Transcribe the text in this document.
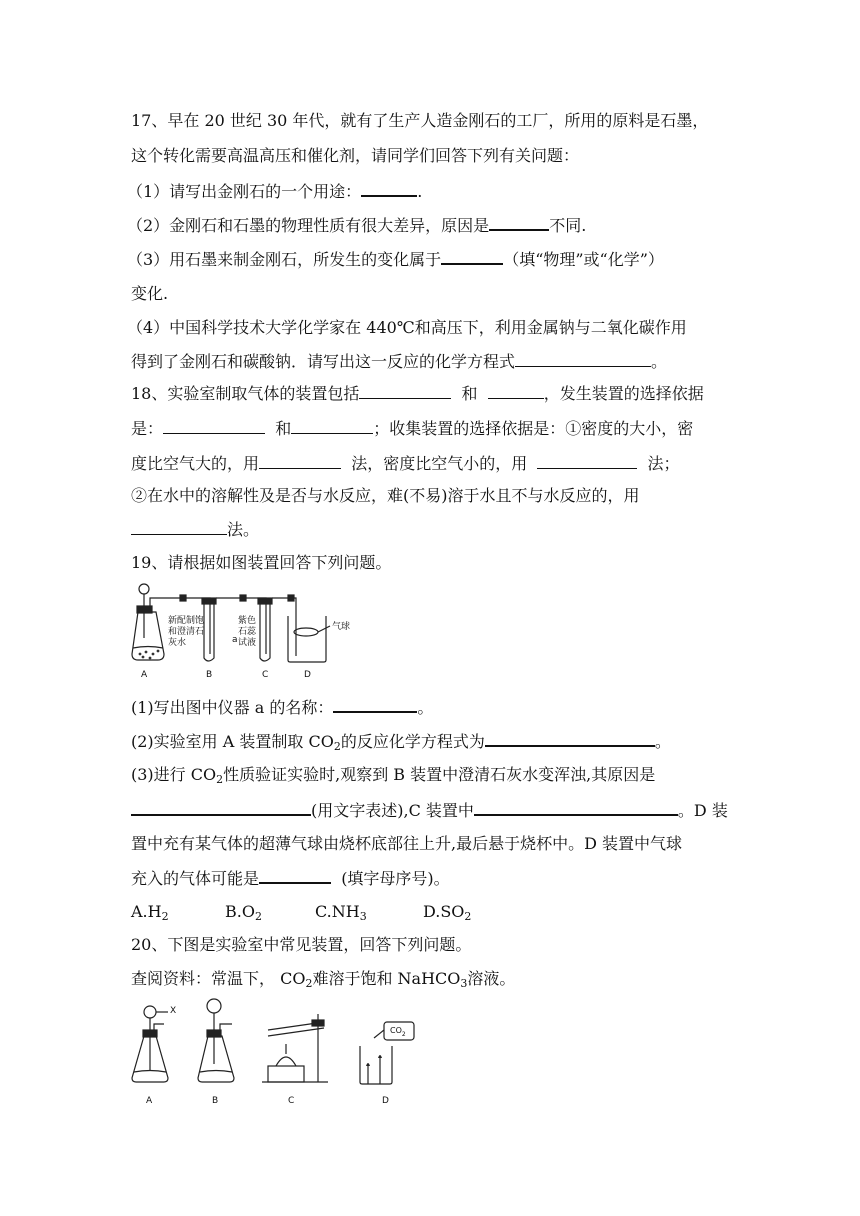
17、早在 20 世纪 30 年代，就有了生产人造金刚石的工厂，所用的原料是石墨，
这个转化需要高温高压和催化剂，请同学们回答下列有关问题：
（1）请写出金刚石的一个用途：	.
（2）金刚石和石墨的物理性质有很大差异，原因是	不同.
（3）用石墨来制金刚石，所发生的变化属于	（填“物理”或“化学”）
变化.
（4）中国科学技术大学化学家在 440℃和高压下，利用金属钠与二氧化碳作用
得到了金刚石和碳酸钠．请写出这一反应的化学方程式	。
18、实验室制取气体的装置包括	和	，发生装置的选择依据
是：	和	；收集装置的选择依据是：①密度的大小，密
度比空气大的，用	法，密度比空气小的，用	法；
②在水中的溶解性及是否与水反应，难(不易)溶于水且不与水反应的，用
法。
19、请根据如图装置回答下列问题。
新配制饱
和澄清石
灰水	a
紫色
石蕊
试液
气球
A	B	C	D
(1)写出图中仪器 a 的名称：	。
(2)实验室用 A 装置制取 $CO_2$的反应化学方程式为	。
(3)进行 $CO_2$性质验证实验时,观察到 B 装置中澄清石灰水变浑浊,其原因是
(用文字表述),C 装置中	。D 装
置中充有某气体的超薄气球由烧杯底部往上升,最后悬于烧杯中。D 装置中气球
充入的气体可能是	(填字母序号)。
$A.H_2$	$B.O_2$	$C.NH_3$	$D.SO_2$
20、下图是实验室中常见装置，回答下列问题。
查阅资料：常温下， $CO_2$难溶于饱和 NaHCO$_3$溶液。
X
$CO_2$
A	B	C	D
